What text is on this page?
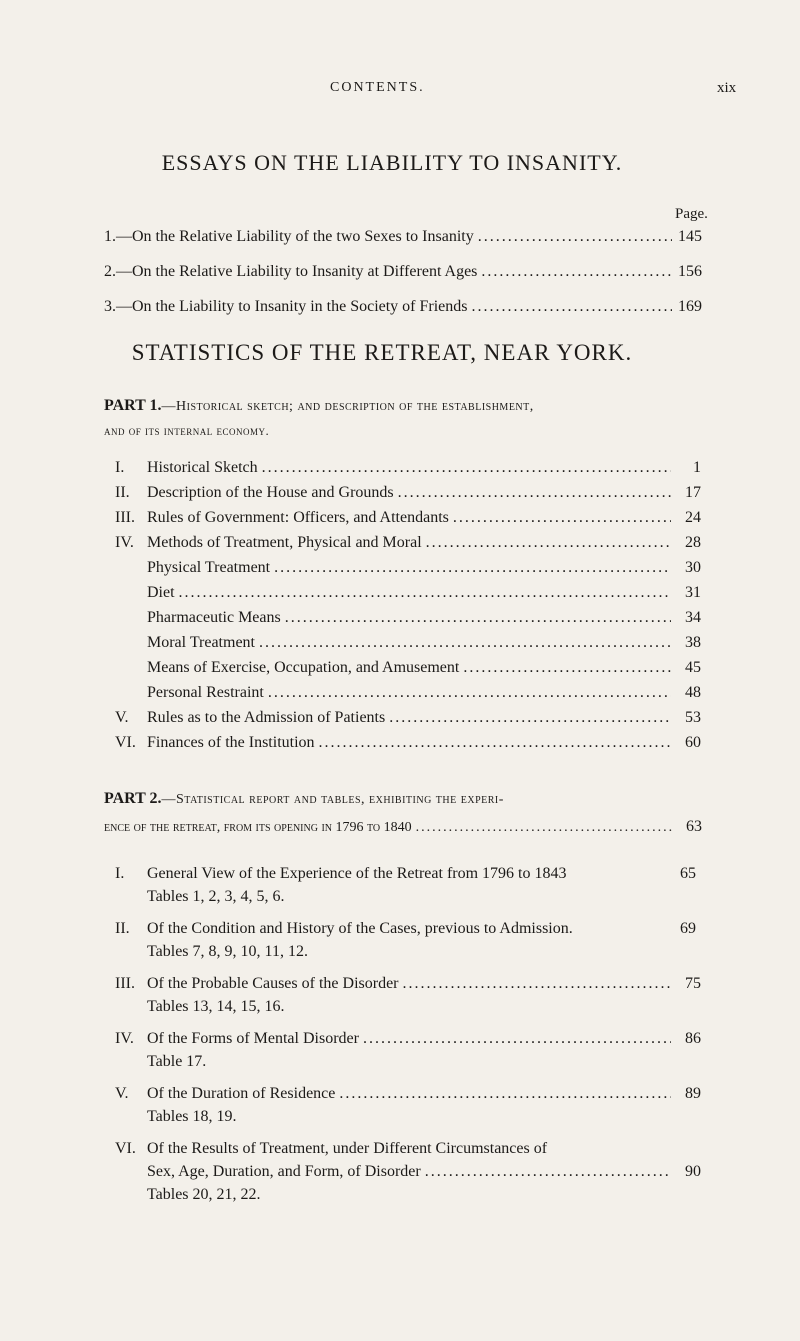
CONTENTS.	xix
ESSAYS ON THE LIABILITY TO INSANITY.
Page.
1.—On the Relative Liability of the two Sexes to Insanity .....	145
2.—On the Relative Liability to Insanity at Different Ages .....	156
3.—On the Liability to Insanity in the Society of Friends .....	169
STATISTICS OF THE RETREAT, NEAR YORK.
PART 1.—Historical sketch; and description of the establishment,
and of its internal economy.
I. Historical Sketch .....	1
II. Description of the House and Grounds .....	17
III. Rules of Government: Officers, and Attendants .....	24
IV. Methods of Treatment, Physical and Moral .....	28
Physical Treatment .....	30
Diet .....	31
Pharmaceutic Means .....	34
Moral Treatment .....	38
Means of Exercise, Occupation, and Amusement .....	45
Personal Restraint .....	48
V. Rules as to the Admission of Patients .....	53
VI. Finances of the Institution .....	60
PART 2.—Statistical report and tables, exhibiting the experi-
ence of the retreat, from its opening in 1796 to 1840 .....	63
I. General View of the Experience of the Retreat from 1796 to 1843	65
Tables 1, 2, 3, 4, 5, 6.
II. Of the Condition and History of the Cases, previous to Admission.	69
Tables 7, 8, 9, 10, 11, 12.
III. Of the Probable Causes of the Disorder .....	75
Tables 13, 14, 15, 16.
IV. Of the Forms of Mental Disorder .....	86
Table 17.
V. Of the Duration of Residence .....	89
Tables 18, 19.
VI. Of the Results of Treatment, under Different Circumstances of
Sex, Age, Duration, and Form, of Disorder .....	90
Tables 20, 21, 22.
